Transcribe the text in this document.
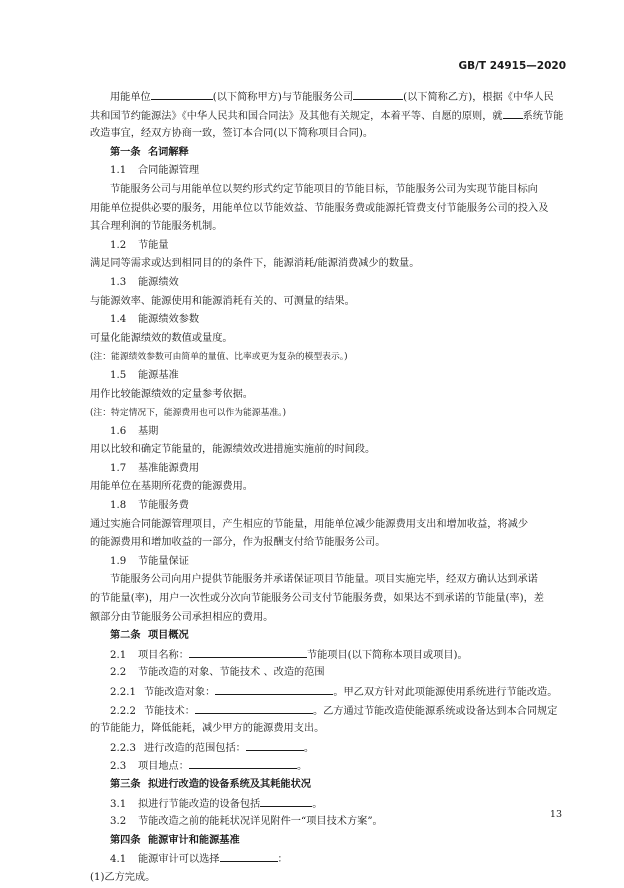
GB/T 24915—2020
用能单位	(以下简称甲方)与节能服务公司	(以下简称乙方)，根据《中华人民
共和国节约能源法》《中华人民共和国合同法》及其他有关规定，本着平等、自愿的原则，就 系统节能
改造事宜，经双方协商一致，签订本合同(以下简称项目合同)。
第一条 名词解释
1.1 合同能源管理
节能服务公司与用能单位以契约形式约定节能项目的节能目标，节能服务公司为实现节能目标向
用能单位提供必要的服务，用能单位以节能效益、节能服务费或能源托管费支付节能服务公司的投入及
其合理利润的节能服务机制。
1.2 节能量
满足同等需求或达到相同目的的条件下，能源消耗/能源消费减少的数量。
1.3 能源绩效
与能源效率、能源使用和能源消耗有关的、可测量的结果。
1.4 能源绩效参数
可量化能源绩效的数值或量度。
(注：能源绩效参数可由简单的量值、比率或更为复杂的模型表示。)
1.5 能源基准
用作比较能源绩效的定量参考依据。
(注：特定情况下，能源费用也可以作为能源基准。)
1.6 基期
用以比较和确定节能量的，能源绩效改进措施实施前的时间段。
1.7 基准能源费用
用能单位在基期所花费的能源费用。
1.8 节能服务费
通过实施合同能源管理项目，产生相应的节能量，用能单位减少能源费用支出和增加收益，将减少
的能源费用和增加收益的一部分，作为报酬支付给节能服务公司。
1.9 节能量保证
节能服务公司向用户提供节能服务并承诺保证项目节能量。项目实施完毕，经双方确认达到承诺
的节能量(率)，用户一次性或分次向节能服务公司支付节能服务费，如果达不到承诺的节能量(率)，差
额部分由节能服务公司承担相应的费用。
第二条 项目概况
2.1 项目名称：	节能项目(以下简称本项目或项目)。
2.2 节能改造的对象、节能技术 、改造的范围
2.2.1 节能改造对象：	。甲乙双方针对此项能源使用系统进行节能改造。
2.2.2 节能技术：	。乙方通过节能改造使能源系统或设备达到本合同规定
的节能能力，降低能耗，减少甲方的能源费用支出。
2.2.3 进行改造的范围包括：	。
2.3 项目地点：	。
第三条 拟进行改造的设备系统及其耗能状况
3.1 拟进行节能改造的设备包括	。
3.2 节能改造之前的能耗状况详见附件一“项目技术方案”。
第四条 能源审计和能源基准
4.1 能源审计可以选择	：
(1)乙方完成。
13
